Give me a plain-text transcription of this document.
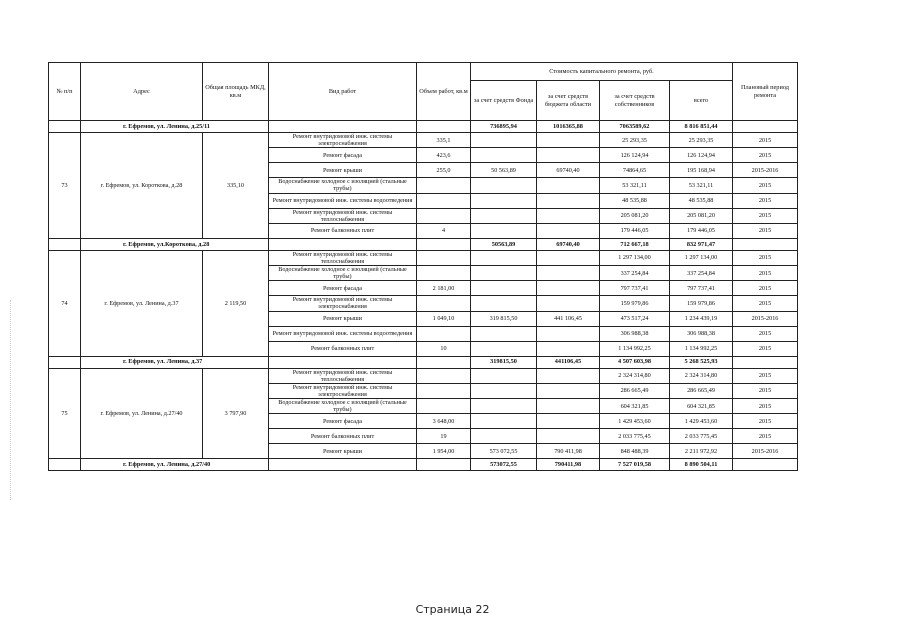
№ п/п	Адрес	Общая площадь МКД, кв.м	Вид работ	Объем работ, кв.м	Стоимость капитального ремонта, руб.				Плановый период ремонта
					за счет средств Фонда	за счет средств бюджета области	за счет средств собственников	всего	
	г. Ефремов, ул. Ленина, д.25/11				736895,94	1016365,88	7063589,62	8 816 851,44	
73	г. Ефремов, ул. Короткова, д.28	335,10	Ремонт внутридомовой инж. системы электроснабжения	335,1			25 293,35	25 293,35	2015
			Ремонт фасада	423,6			126 124,94	126 124,94	2015
			Ремонт крыши	255,0	50 563,89	69740,40	74864,65	195 168,94	2015-2016
			Водоснабжение холодное с изоляцией (стальные трубы)				53 321,11	53 321,11	2015
			Ремонт внутридомовой инж. системы водоотведения				48 535,88	48 535,88	2015
			Ремонт внутридомовой инж. системы теплоснабжения				205 081,20	205 081,20	2015
			Ремонт балконных плит	4			179 446,05	179 446,05	2015
	г. Ефремов, ул.Короткова, д.28				50563,89	69740,40	712 667,18	832 971,47	
74	г. Ефремов, ул. Ленина, д.37	2 119,50	Ремонт внутридомовой инж. системы теплоснабжения				1 297 134,00	1 297 134,00	2015
			Водоснабжение холодное с изоляцией (стальные трубы)				337 254,84	337 254,84	2015
			Ремонт фасада	2 181,00			797 737,41	797 737,41	2015
			Ремонт внутридомовой инж. системы электроснабжения				159 979,86	159 979,86	2015
			Ремонт крыши	1 049,10	319 815,50	441 106,45	473 517,24	1 234 439,19	2015-2016
			Ремонт внутридомовой инж. системы водоотведения				306 988,38	306 988,38	2015
			Ремонт балконных плит	10			1 134 992,25	1 134 992,25	2015
	г. Ефремов, ул. Ленина, д.37				319815,50	441106,45	4 507 603,98	5 268 525,93	
75	г. Ефремов, ул. Ленина, д.27/40	3 797,90	Ремонт внутридомовой инж. системы теплоснабжения				2 324 314,80	2 324 314,80	2015
			Ремонт внутридомовой инж. системы электроснабжения				286 665,49	286 665,49	2015
			Водоснабжение холодное с изоляцией (стальные трубы)				604 321,85	604 321,85	2015
			Ремонт фасада	3 648,00			1 429 453,60	1 429 453,60	2015
			Ремонт балконных плит	19			2 033 775,45	2 033 775,45	2015
			Ремонт крыши	1 954,00	573 072,55	790 411,98	848 488,39	2 211 972,92	2015-2016
	г. Ефремов, ул. Ленина, д.27/40				573072,55	790411,98	7 527 019,58	8 890 504,11	
Страница 22
